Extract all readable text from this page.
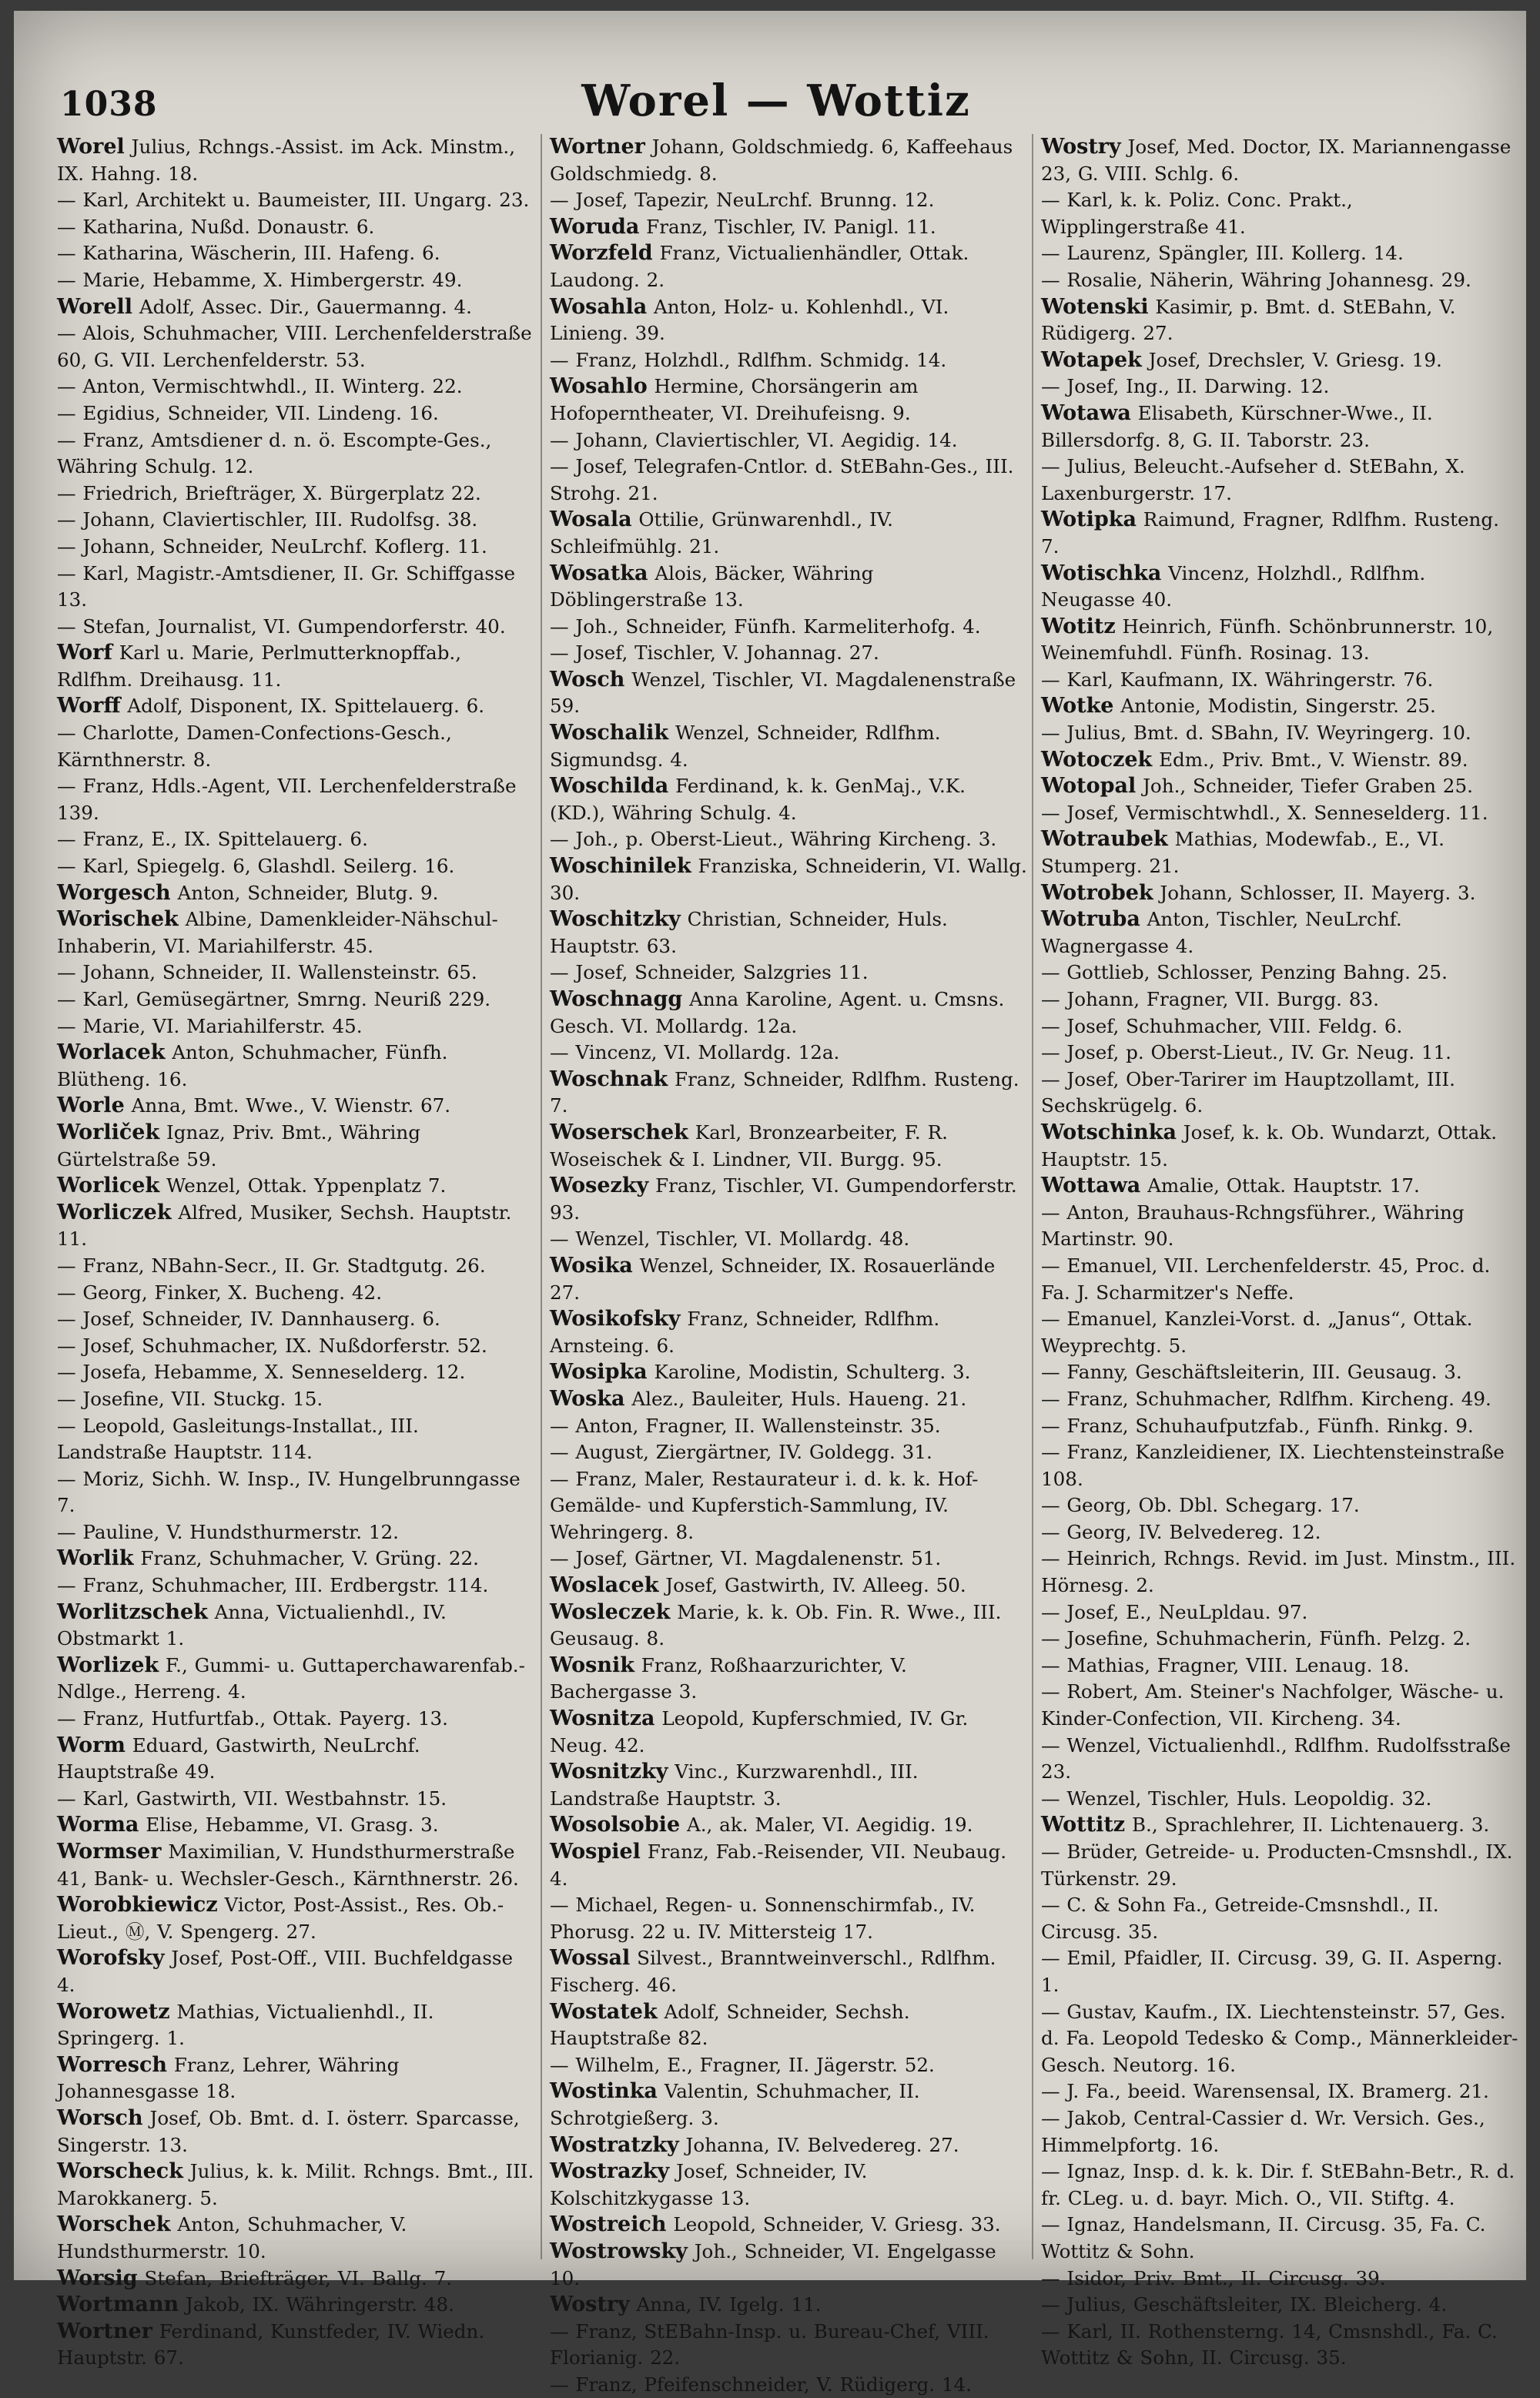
1038	Worel — Wottiz
Worel Julius, Rchngs.-Assist. im Ack. Minstm., IX. Hahng. 18.
— Karl, Architekt u. Baumeister, III. Ungarg. 23.
— Katharina, Nußd. Donaustr. 6.
— Katharina, Wäscherin, III. Hafeng. 6.
— Marie, Hebamme, X. Himbergerstr. 49.
Worell Adolf, Assec. Dir., Gauermanng. 4.
— Alois, Schuhmacher, VIII. Lerchenfelderstraße 60, G. VII. Lerchenfelderstr. 53.
— Anton, Vermischtwhdl., II. Winterg. 22.
— Egidius, Schneider, VII. Lindeng. 16.
— Franz, Amtsdiener d. n. ö. Escompte-Ges., Währing Schulg. 12.
— Friedrich, Briefträger, X. Bürgerplatz 22.
— Johann, Claviertischler, III. Rudolfsg. 38.
— Johann, Schneider, NeuLrchf. Koflerg. 11.
— Karl, Magistr.-Amtsdiener, II. Gr. Schiffgasse 13.
— Stefan, Journalist, VI. Gumpendorferstr. 40.
Worf Karl u. Marie, Perlmutterknopffab., Rdlfhm. Dreihausg. 11.
Worff Adolf, Disponent, IX. Spittelauerg. 6.
— Charlotte, Damen-Confections-Gesch., Kärnthnerstr. 8.
— Franz, Hdls.-Agent, VII. Lerchenfelderstraße 139.
— Franz, E., IX. Spittelauerg. 6.
— Karl, Spiegelg. 6, Glashdl. Seilerg. 16.
Worgesch Anton, Schneider, Blutg. 9.
Worischek Albine, Damenkleider-Nähschul-Inhaberin, VI. Mariahilferstr. 45.
— Johann, Schneider, II. Wallensteinstr. 65.
— Karl, Gemüsegärtner, Smrng. Neuriß 229.
— Marie, VI. Mariahilferstr. 45.
Worlacek Anton, Schuhmacher, Fünfh. Blütheng. 16.
Worle Anna, Bmt. Wwe., V. Wienstr. 67.
Worliček Ignaz, Priv. Bmt., Währing Gürtelstraße 59.
Worlicek Wenzel, Ottak. Yppenplatz 7.
Worliczek Alfred, Musiker, Sechsh. Hauptstr. 11.
— Franz, NBahn-Secr., II. Gr. Stadtgutg. 26.
— Georg, Finker, X. Bucheng. 42.
— Josef, Schneider, IV. Dannhauserg. 6.
— Josef, Schuhmacher, IX. Nußdorferstr. 52.
— Josefa, Hebamme, X. Senneselderg. 12.
— Josefine, VII. Stuckg. 15.
— Leopold, Gasleitungs-Installat., III. Landstraße Hauptstr. 114.
— Moriz, Sichh. W. Insp., IV. Hungelbrunngasse 7.
— Pauline, V. Hundsthurmerstr. 12.
Worlik Franz, Schuhmacher, V. Grüng. 22.
— Franz, Schuhmacher, III. Erdbergstr. 114.
Worlitzschek Anna, Victualienhdl., IV. Obstmarkt 1.
Worlizek F., Gummi- u. Guttaperchawarenfab.-Ndlge., Herreng. 4.
— Franz, Hutfurtfab., Ottak. Payerg. 13.
Worm Eduard, Gastwirth, NeuLrchf. Hauptstraße 49.
— Karl, Gastwirth, VII. Westbahnstr. 15.
Worma Elise, Hebamme, VI. Grasg. 3.
Wormser Maximilian, V. Hundsthurmerstraße 41, Bank- u. Wechsler-Gesch., Kärnthnerstr. 26.
Worobkiewicz Victor, Post-Assist., Res. Ob.-Lieut., Ⓜ, V. Spengerg. 27.
Worofsky Josef, Post-Off., VIII. Buchfeldgasse 4.
Worowetz Mathias, Victualienhdl., II. Springerg. 1.
Worresch Franz, Lehrer, Währing Johannesgasse 18.
Worsch Josef, Ob. Bmt. d. I. österr. Sparcasse, Singerstr. 13.
Worscheck Julius, k. k. Milit. Rchngs. Bmt., III. Marokkanerg. 5.
Worschek Anton, Schuhmacher, V. Hundsthurmerstr. 10.
Worsig Stefan, Briefträger, VI. Ballg. 7.
Wortmann Jakob, IX. Währingerstr. 48.
Wortner Ferdinand, Kunstfeder, IV. Wiedn. Hauptstr. 67.
Wortner Johann, Goldschmiedg. 6, Kaffeehaus Goldschmiedg. 8.
— Josef, Tapezir, NeuLrchf. Brunng. 12.
Woruda Franz, Tischler, IV. Panigl. 11.
Worzfeld Franz, Victualienhändler, Ottak. Laudong. 2.
Wosahla Anton, Holz- u. Kohlenhdl., VI. Linieng. 39.
— Franz, Holzhdl., Rdlfhm. Schmidg. 14.
Wosahlo Hermine, Chorsängerin am Hofoperntheater, VI. Dreihufeisng. 9.
— Johann, Claviertischler, VI. Aegidig. 14.
— Josef, Telegrafen-Cntlor. d. StEBahn-Ges., III. Strohg. 21.
Wosala Ottilie, Grünwarenhdl., IV. Schleifmühlg. 21.
Wosatka Alois, Bäcker, Währing Döblingerstraße 13.
— Joh., Schneider, Fünfh. Karmeliterhofg. 4.
— Josef, Tischler, V. Johannag. 27.
Wosch Wenzel, Tischler, VI. Magdalenenstraße 59.
Woschalik Wenzel, Schneider, Rdlfhm. Sigmundsg. 4.
Woschilda Ferdinand, k. k. GenMaj., V.K. (KD.), Währing Schulg. 4.
— Joh., p. Oberst-Lieut., Währing Kircheng. 3.
Woschinilek Franziska, Schneiderin, VI. Wallg. 30.
Woschitzky Christian, Schneider, Huls. Hauptstr. 63.
— Josef, Schneider, Salzgries 11.
Woschnagg Anna Karoline, Agent. u. Cmsns. Gesch. VI. Mollardg. 12a.
— Vincenz, VI. Mollardg. 12a.
Woschnak Franz, Schneider, Rdlfhm. Rusteng. 7.
Woserschek Karl, Bronzearbeiter, F. R. Woseischek & I. Lindner, VII. Burgg. 95.
Wosezky Franz, Tischler, VI. Gumpendorferstr. 93.
— Wenzel, Tischler, VI. Mollardg. 48.
Wosika Wenzel, Schneider, IX. Rosauerlände 27.
Wosikofsky Franz, Schneider, Rdlfhm. Arnsteing. 6.
Wosipka Karoline, Modistin, Schulterg. 3.
Woska Alez., Bauleiter, Huls. Haueng. 21.
— Anton, Fragner, II. Wallensteinstr. 35.
— August, Ziergärtner, IV. Goldegg. 31.
— Franz, Maler, Restaurateur i. d. k. k. Hof-Gemälde- und Kupferstich-Sammlung, IV. Wehringerg. 8.
— Josef, Gärtner, VI. Magdalenenstr. 51.
Woslacek Josef, Gastwirth, IV. Alleeg. 50.
Wosleczek Marie, k. k. Ob. Fin. R. Wwe., III. Geusaug. 8.
Wosnik Franz, Roßhaarzurichter, V. Bachergasse 3.
Wosnitza Leopold, Kupferschmied, IV. Gr. Neug. 42.
Wosnitzky Vinc., Kurzwarenhdl., III. Landstraße Hauptstr. 3.
Wosolsobie A., ak. Maler, VI. Aegidig. 19.
Wospiel Franz, Fab.-Reisender, VII. Neubaug. 4.
— Michael, Regen- u. Sonnenschirmfab., IV. Phorusg. 22 u. IV. Mittersteig 17.
Wossal Silvest., Branntweinverschl., Rdlfhm. Fischerg. 46.
Wostatek Adolf, Schneider, Sechsh. Hauptstraße 82.
— Wilhelm, E., Fragner, II. Jägerstr. 52.
Wostinka Valentin, Schuhmacher, II. Schrotgießerg. 3.
Wostratzky Johanna, IV. Belvedereg. 27.
Wostrazky Josef, Schneider, IV. Kolschitzkygasse 13.
Wostreich Leopold, Schneider, V. Griesg. 33.
Wostrowsky Joh., Schneider, VI. Engelgasse 10.
Wostry Anna, IV. Igelg. 11.
— Franz, StEBahn-Insp. u. Bureau-Chef, VIII. Florianig. 22.
— Franz, Pfeifenschneider, V. Rüdigerg. 14.
Wostry Josef, Med. Doctor, IX. Mariannengasse 23, G. VIII. Schlg. 6.
— Karl, k. k. Poliz. Conc. Prakt., Wipplingerstraße 41.
— Laurenz, Spängler, III. Kollerg. 14.
— Rosalie, Näherin, Währing Johannesg. 29.
Wotenski Kasimir, p. Bmt. d. StEBahn, V. Rüdigerg. 27.
Wotapek Josef, Drechsler, V. Griesg. 19.
— Josef, Ing., II. Darwing. 12.
Wotawa Elisabeth, Kürschner-Wwe., II. Billersdorfg. 8, G. II. Taborstr. 23.
— Julius, Beleucht.-Aufseher d. StEBahn, X. Laxenburgerstr. 17.
Wotipka Raimund, Fragner, Rdlfhm. Rusteng. 7.
Wotischka Vincenz, Holzhdl., Rdlfhm. Neugasse 40.
Wotitz Heinrich, Fünfh. Schönbrunnerstr. 10, Weinemfuhdl. Fünfh. Rosinag. 13.
— Karl, Kaufmann, IX. Währingerstr. 76.
Wotke Antonie, Modistin, Singerstr. 25.
— Julius, Bmt. d. SBahn, IV. Weyringerg. 10.
Wotoczek Edm., Priv. Bmt., V. Wienstr. 89.
Wotopal Joh., Schneider, Tiefer Graben 25.
— Josef, Vermischtwhdl., X. Senneselderg. 11.
Wotraubek Mathias, Modewfab., E., VI. Stumperg. 21.
Wotrobek Johann, Schlosser, II. Mayerg. 3.
Wotruba Anton, Tischler, NeuLrchf. Wagnergasse 4.
— Gottlieb, Schlosser, Penzing Bahng. 25.
— Johann, Fragner, VII. Burgg. 83.
— Josef, Schuhmacher, VIII. Feldg. 6.
— Josef, p. Oberst-Lieut., IV. Gr. Neug. 11.
— Josef, Ober-Tarirer im Hauptzollamt, III. Sechskrügelg. 6.
Wotschinka Josef, k. k. Ob. Wundarzt, Ottak. Hauptstr. 15.
Wottawa Amalie, Ottak. Hauptstr. 17.
— Anton, Brauhaus-Rchngsführer., Währing Martinstr. 90.
— Emanuel, VII. Lerchenfelderstr. 45, Proc. d. Fa. J. Scharmitzer's Neffe.
— Emanuel, Kanzlei-Vorst. d. „Janus“, Ottak. Weyprechtg. 5.
— Fanny, Geschäftsleiterin, III. Geusaug. 3.
— Franz, Schuhmacher, Rdlfhm. Kircheng. 49.
— Franz, Schuhaufputzfab., Fünfh. Rinkg. 9.
— Franz, Kanzleidiener, IX. Liechtensteinstraße 108.
— Georg, Ob. Dbl. Schegarg. 17.
— Georg, IV. Belvedereg. 12.
— Heinrich, Rchngs. Revid. im Just. Minstm., III. Hörnesg. 2.
— Josef, E., NeuLpldau. 97.
— Josefine, Schuhmacherin, Fünfh. Pelzg. 2.
— Mathias, Fragner, VIII. Lenaug. 18.
— Robert, Am. Steiner's Nachfolger, Wäsche- u. Kinder-Confection, VII. Kircheng. 34.
— Wenzel, Victualienhdl., Rdlfhm. Rudolfsstraße 23.
— Wenzel, Tischler, Huls. Leopoldig. 32.
Wottitz B., Sprachlehrer, II. Lichtenauerg. 3.
— Brüder, Getreide- u. Producten-Cmsnshdl., IX. Türkenstr. 29.
— C. & Sohn Fa., Getreide-Cmsnshdl., II. Circusg. 35.
— Emil, Pfaidler, II. Circusg. 39, G. II. Asperng. 1.
— Gustav, Kaufm., IX. Liechtensteinstr. 57, Ges. d. Fa. Leopold Tedesko & Comp., Männerkleider-Gesch. Neutorg. 16.
— J. Fa., beeid. Warensensal, IX. Bramerg. 21.
— Jakob, Central-Cassier d. Wr. Versich. Ges., Himmelpfortg. 16.
— Ignaz, Insp. d. k. k. Dir. f. StEBahn-Betr., R. d. fr. CLeg. u. d. bayr. Mich. O., VII. Stiftg. 4.
— Ignaz, Handelsmann, II. Circusg. 35, Fa. C. Wottitz & Sohn.
— Isidor, Priv. Bmt., II. Circusg. 39.
— Julius, Geschäftsleiter, IX. Bleicherg. 4.
— Karl, II. Rothensterng. 14, Cmsnshdl., Fa. C. Wottitz & Sohn, II. Circusg. 35.
